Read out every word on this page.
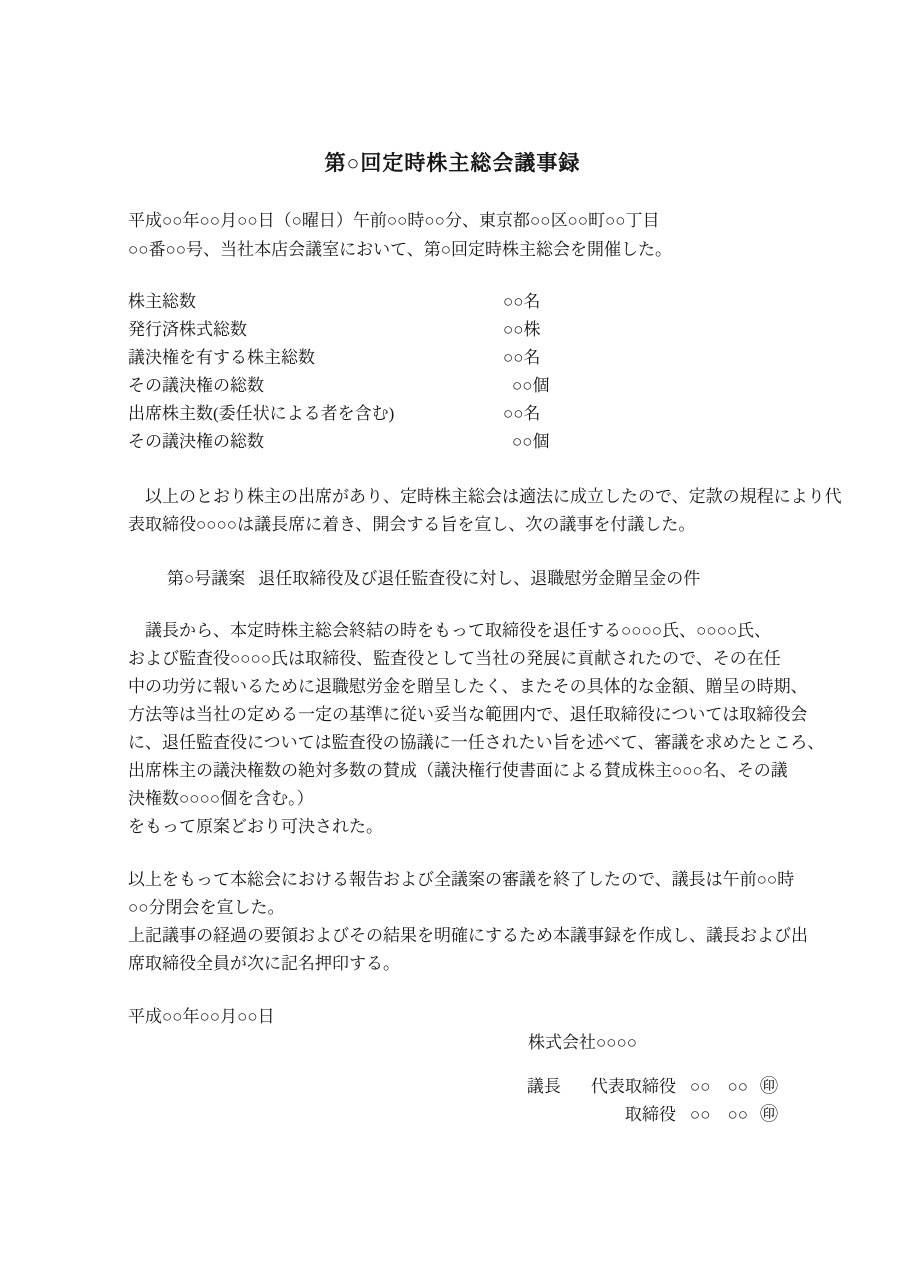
第○回定時株主総会議事録
平成○○年○○月○○日（○曜日）午前○○時○○分、東京都○○区○○町○○丁目
○○番○○号、当社本店会議室において、第○回定時株主総会を開催した。
株主総数	○○名
発行済株式総数	○○株
議決権を有する株主総数	○○名
その議決権の総数	○○個
出席株主数(委任状による者を含む)	○○名
その議決権の総数	○○個
　以上のとおり株主の出席があり、定時株主総会は適法に成立したので、定款の規程により代
表取締役○○○○は議長席に着き、開会する旨を宣し、次の議事を付議した。
第○号議案 退任取締役及び退任監査役に対し、退職慰労金贈呈金の件
　議長から、本定時株主総会終結の時をもって取締役を退任する○○○○氏、○○○○氏、
および監査役○○○○氏は取締役、監査役として当社の発展に貢献されたので、その在任
中の功労に報いるために退職慰労金を贈呈したく、またその具体的な金額、贈呈の時期、
方法等は当社の定める一定の基準に従い妥当な範囲内で、退任取締役については取締役会
に、退任監査役については監査役の協議に一任されたい旨を述べて、審議を求めたところ、
出席株主の議決権数の絶対多数の賛成（議決権行使書面による賛成株主○○○名、その議
決権数○○○○個を含む。）
をもって原案どおり可決された。
以上をもって本総会における報告および全議案の審議を終了したので、議長は午前○○時
○○分閉会を宣した。
上記議事の経過の要領およびその結果を明確にするため本議事録を作成し、議長および出
席取締役全員が次に記名押印する。
平成○○年○○月○○日
株式会社○○○○
議長 代表取締役 ○○　○○ ㊞
取締役 ○○　○○ ㊞
